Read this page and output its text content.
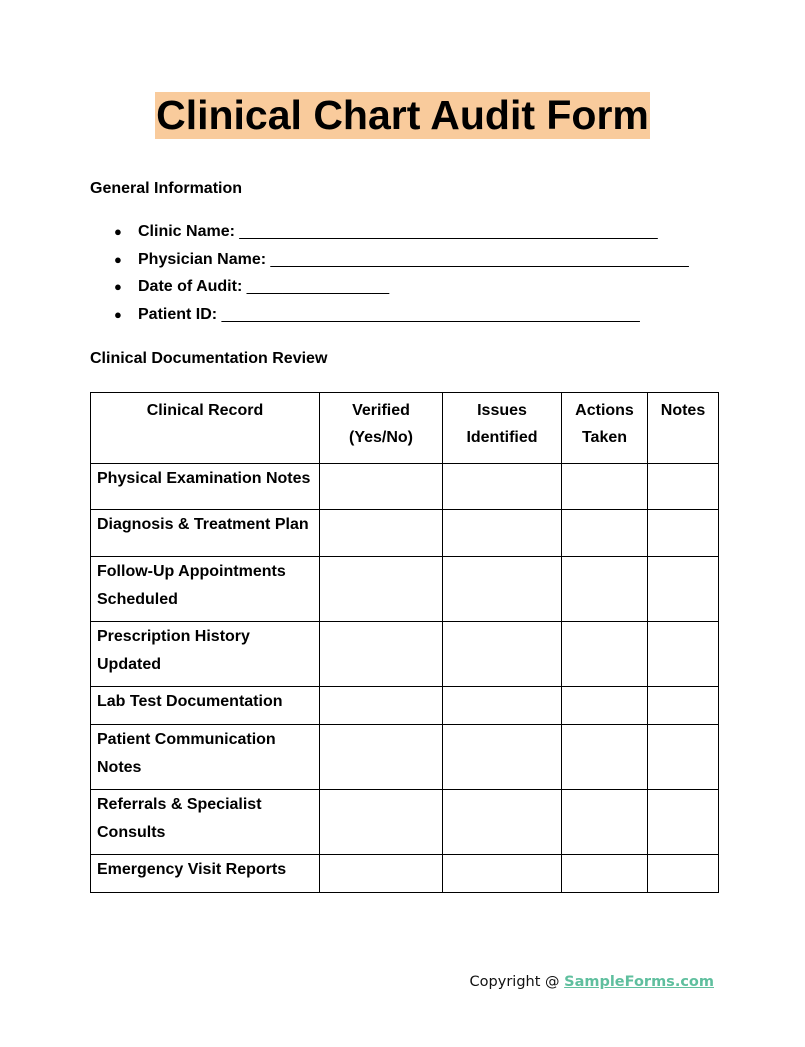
Clinical Chart Audit Form
General Information
● Clinic Name: _______________________________________________
● Physician Name: _______________________________________________
● Date of Audit: ________________
● Patient ID: _______________________________________________
Clinical Documentation Review
Clinical Record	Verified (Yes/No)	Issues Identified	Actions Taken	Notes
Physical Examination Notes				
Diagnosis & Treatment Plan				
Follow-Up Appointments Scheduled				
Prescription History Updated				
Lab Test Documentation				
Patient Communication Notes				
Referrals & Specialist Consults				
Emergency Visit Reports				
Copyright @ SampleForms.com
